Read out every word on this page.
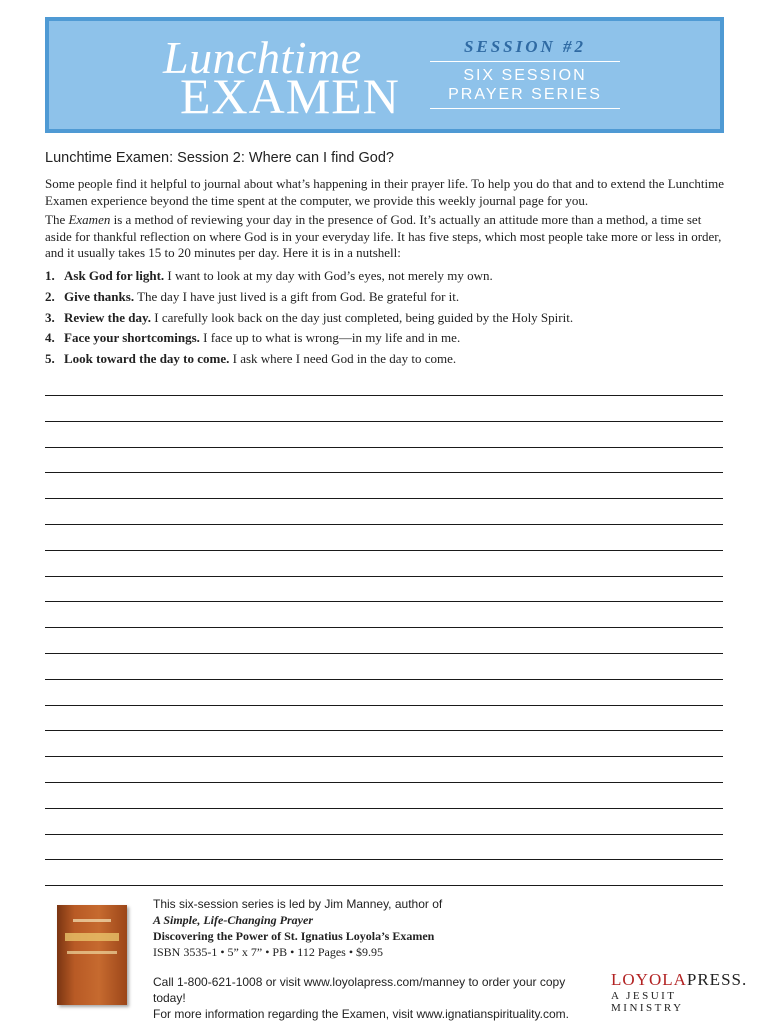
Lunchtime
EXAMEN
SESSION #2
SIX SESSION
PRAYER SERIES
Lunchtime Examen: Session 2: Where can I find God?

Some people find it helpful to journal about what’s happening in their prayer life. To help you do that and to extend the Lunchtime Examen experience beyond the time spent at the computer, we provide this weekly journal page for you.

The Examen is a method of reviewing your day in the presence of God. It’s actually an attitude more than a method, a time set aside for thankful reflection on where God is in your everyday life. It has five steps, which most people take more or less in order, and it usually takes 15 to 20 minutes per day. Here it is in a nutshell:

1. Ask God for light. I want to look at my day with God’s eyes, not merely my own.
2. Give thanks. The day I have just lived is a gift from God. Be grateful for it.
3. Review the day. I carefully look back on the day just completed, being guided by the Holy Spirit.
4. Face your shortcomings. I face up to what is wrong—in my life and in me.
5. Look toward the day to come. I ask where I need God in the day to come.
This six-session series is led by Jim Manney, author of
A Simple, Life-Changing Prayer
Discovering the Power of St. Ignatius Loyola’s Examen
ISBN 3535-1 • 5” x 7” • PB • 112 Pages • $9.95
Call 1-800-621-1008 or visit www.loyolapress.com/manney to order your copy today!
For more information regarding the Examen, visit www.ignatianspirituality.com.
LOYOLAPRESS.
A JESUIT MINISTRY
